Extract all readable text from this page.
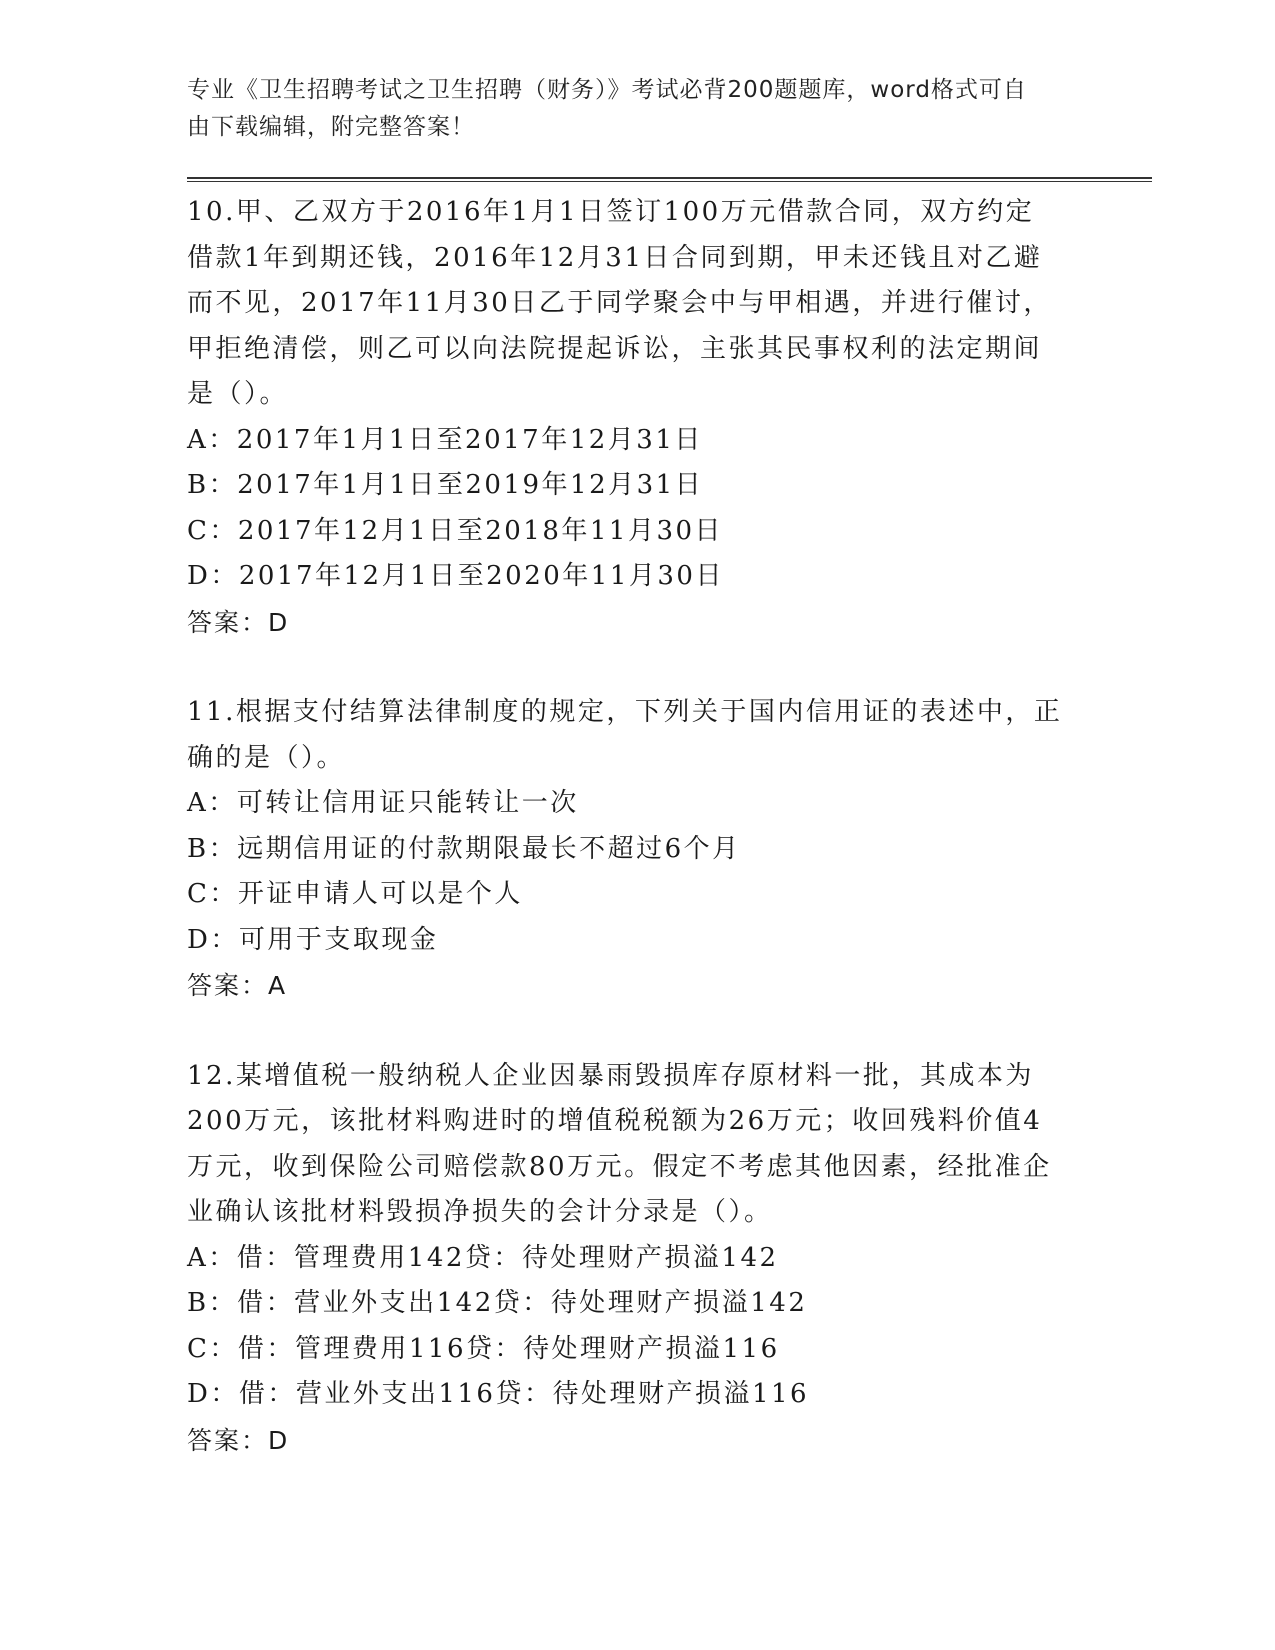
专业《卫生招聘考试之卫生招聘（财务）》考试必背200题题库，word格式可自
由下载编辑，附完整答案！

10.甲、乙双方于2016年1月1日签订100万元借款合同，双方约定

借款1年到期还钱，2016年12月31日合同到期，甲未还钱且对乙避

而不见，2017年11月30日乙于同学聚会中与甲相遇，并进行催讨，

甲拒绝清偿，则乙可以向法院提起诉讼，主张其民事权利的法定期间

是（）。

A：2017年1月1日至2017年12月31日

B：2017年1月1日至2019年12月31日

C：2017年12月1日至2018年11月30日

D：2017年12月1日至2020年11月30日

答案：D

11.根据支付结算法律制度的规定，下列关于国内信用证的表述中，正

确的是（）。

A：可转让信用证只能转让一次

B：远期信用证的付款期限最长不超过6个月

C：开证申请人可以是个人

D：可用于支取现金

答案：A

12.某增值税一般纳税人企业因暴雨毁损库存原材料一批，其成本为

200万元，该批材料购进时的增值税税额为26万元；收回残料价值4

万元，收到保险公司赔偿款80万元。假定不考虑其他因素，经批准企

业确认该批材料毁损净损失的会计分录是（）。

A：借：管理费用142贷：待处理财产损溢142

B：借：营业外支出142贷：待处理财产损溢142

C：借：管理费用116贷：待处理财产损溢116

D：借：营业外支出116贷：待处理财产损溢116

答案：D
